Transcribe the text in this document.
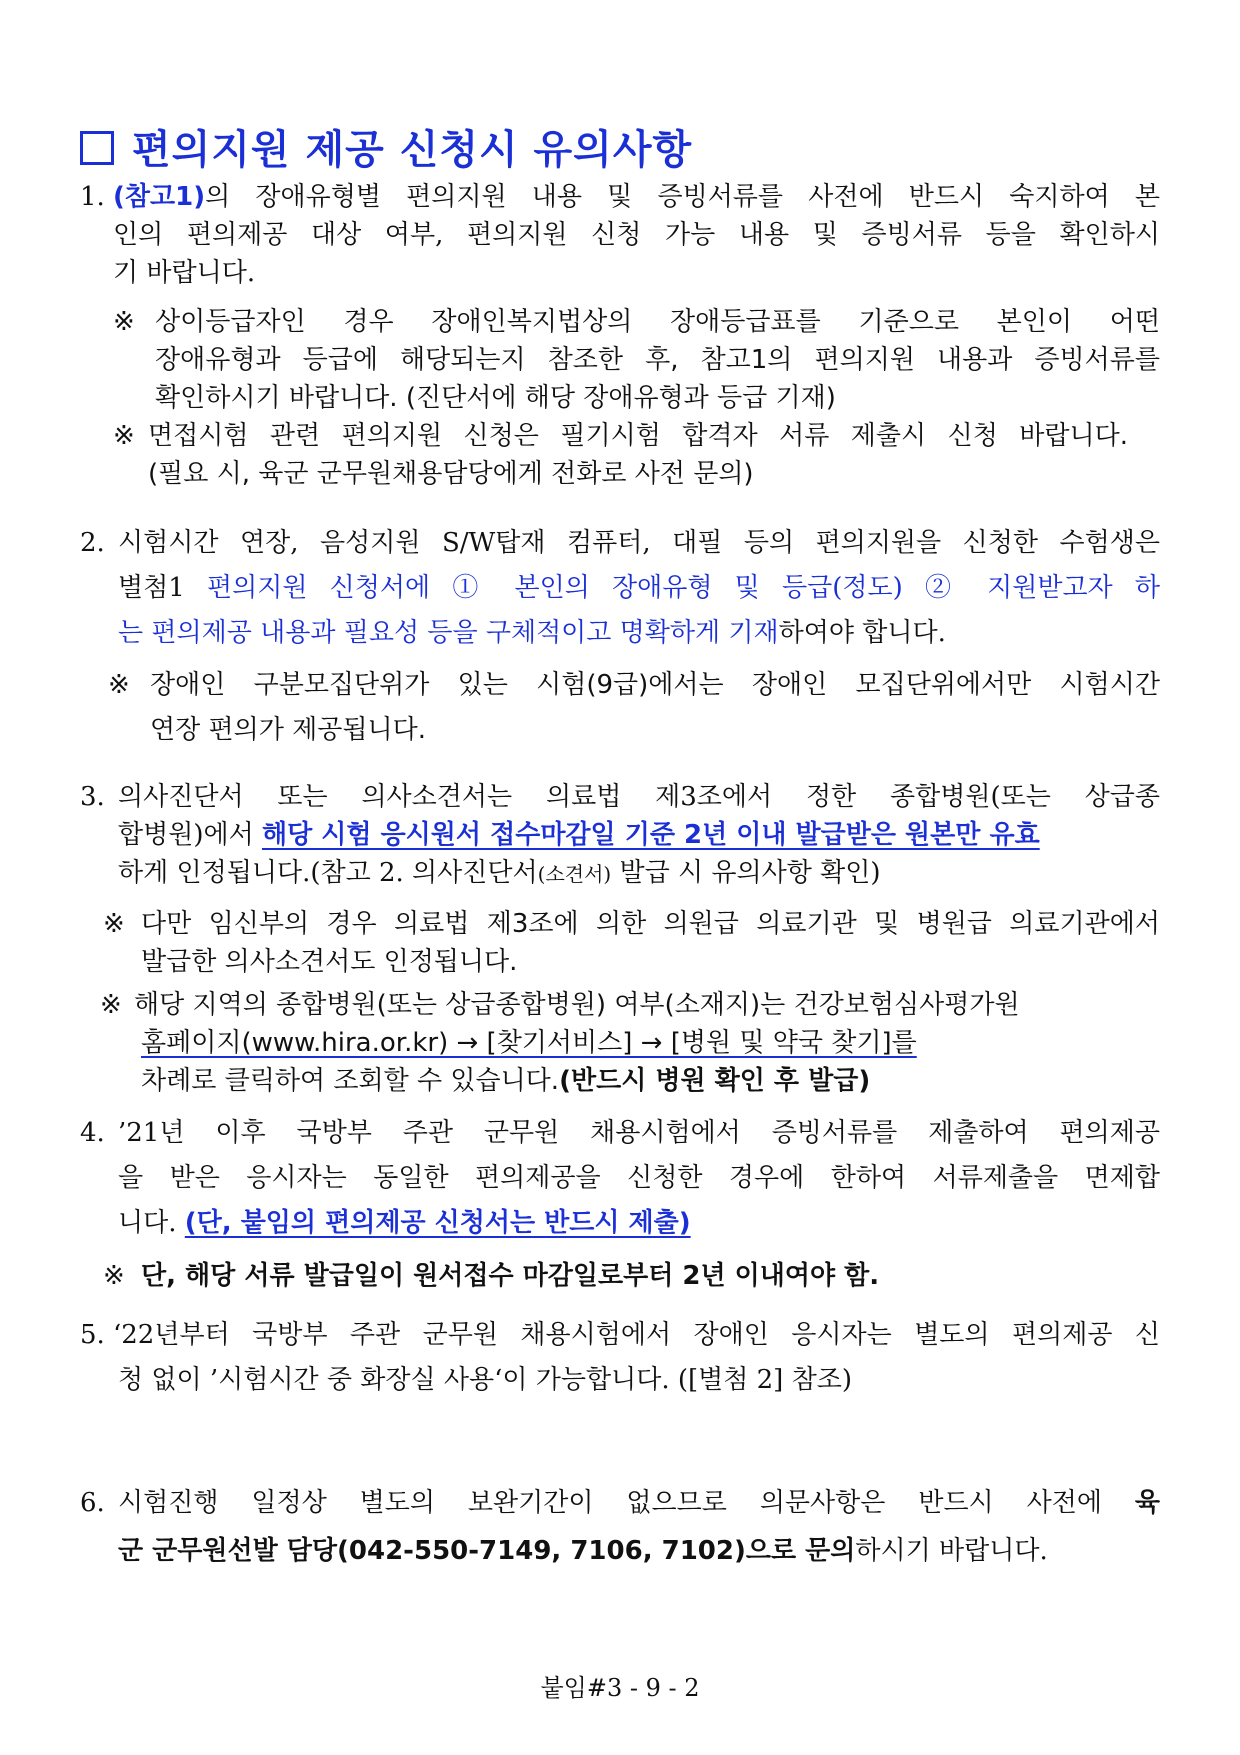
편의지원 제공 신청시 유의사항
1. (참고1)의 장애유형별 편의지원 내용 및 증빙서류를 사전에 반드시 숙지하여 본
인의 편의제공 대상 여부, 편의지원 신청 가능 내용 및 증빙서류 등을 확인하시
기 바랍니다.
※ 상이등급자인 경우 장애인복지법상의 장애등급표를 기준으로 본인이 어떤
장애유형과 등급에 해당되는지 참조한 후, 참고1의 편의지원 내용과 증빙서류를
확인하시기 바랍니다. (진단서에 해당 장애유형과 등급 기재)
※ 면접시험 관련 편의지원 신청은 필기시험 합격자 서류 제출시 신청 바랍니다.
(필요 시, 육군 군무원채용담당에게 전화로 사전 문의)
2. 시험시간 연장, 음성지원 S/W탑재 컴퓨터, 대필 등의 편의지원을 신청한 수험생은
별첨1 편의지원 신청서에 ① 본인의 장애유형 및 등급(정도) ② 지원받고자 하
는 편의제공 내용과 필요성 등을 구체적이고 명확하게 기재하여야 합니다.
※ 장애인 구분모집단위가 있는 시험(9급)에서는 장애인 모집단위에서만 시험시간
연장 편의가 제공됩니다.
3. 의사진단서 또는 의사소견서는 의료법 제3조에서 정한 종합병원(또는 상급종
합병원)에서 해당 시험 응시원서 접수마감일 기준 2년 이내 발급받은 원본만 유효
하게 인정됩니다.(참고 2. 의사진단서(소견서) 발급 시 유의사항 확인)
※ 다만 임신부의 경우 의료법 제3조에 의한 의원급 의료기관 및 병원급 의료기관에서
발급한 의사소견서도 인정됩니다.
※ 해당 지역의 종합병원(또는 상급종합병원) 여부(소재지)는 건강보험심사평가원
홈페이지(www.hira.or.kr) → [찾기서비스] → [병원 및 약국 찾기]를
차례로 클릭하여 조회할 수 있습니다.(반드시 병원 확인 후 발급)
4. ’21년 이후 국방부 주관 군무원 채용시험에서 증빙서류를 제출하여 편의제공
을 받은 응시자는 동일한 편의제공을 신청한 경우에 한하여 서류제출을 면제합
니다. (단, 붙임의 편의제공 신청서는 반드시 제출)
※ 단, 해당 서류 발급일이 원서접수 마감일로부터 2년 이내여야 함.
5. ‘22년부터 국방부 주관 군무원 채용시험에서 장애인 응시자는 별도의 편의제공 신
청 없이 ’시험시간 중 화장실 사용‘이 가능합니다. ([별첨 2] 참조)
6. 시험진행 일정상 별도의 보완기간이 없으므로 의문사항은 반드시 사전에 육
군 군무원선발 담당(042-550-7149, 7106, 7102)으로 문의하시기 바랍니다.
붙임#3 - 9 - 2
